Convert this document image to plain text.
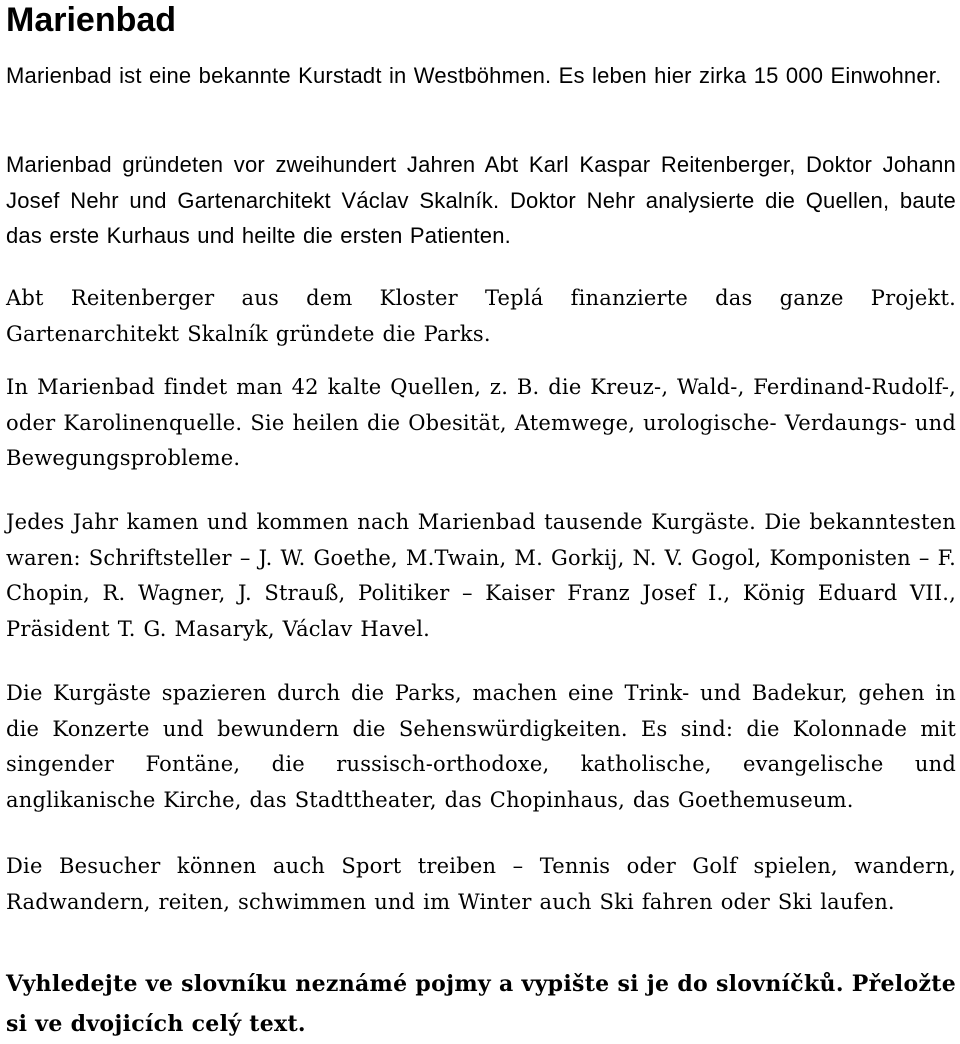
Marienbad

Marienbad ist eine bekannte Kurstadt in Westböhmen. Es leben hier zirka 15 000 Einwohner.

Marienbad gründeten vor zweihundert Jahren Abt Karl Kaspar Reitenberger, Doktor Johann Josef Nehr und Gartenarchitekt Václav Skalník. Doktor Nehr analysierte die Quellen, baute das erste Kurhaus und heilte die ersten Patienten.

Abt Reitenberger aus dem Kloster Teplá finanzierte das ganze Projekt. Gartenarchitekt Skalník gründete die Parks.

In Marienbad findet man 42 kalte Quellen, z. B. die Kreuz-, Wald-, Ferdinand-Rudolf-, oder Karolinenquelle. Sie heilen die Obesität, Atemwege, urologische- Verdaungs- und Bewegungsprobleme.

Jedes Jahr kamen und kommen nach Marienbad tausende Kurgäste. Die bekanntesten waren: Schriftsteller – J. W. Goethe, M.Twain, M. Gorkij, N. V. Gogol, Komponisten – F. Chopin, R. Wagner, J. Strauß, Politiker – Kaiser Franz Josef I., König Eduard VII., Präsident T. G. Masaryk, Václav Havel.

Die Kurgäste spazieren durch die Parks, machen eine Trink- und Badekur, gehen in die Konzerte und bewundern die Sehenswürdigkeiten. Es sind: die Kolonnade mit singender Fontäne, die russisch-orthodoxe, katholische, evangelische und anglikanische Kirche, das Stadttheater, das Chopinhaus, das Goethemuseum.

Die Besucher können auch Sport treiben – Tennis oder Golf spielen, wandern, Radwandern, reiten, schwimmen und im Winter auch Ski fahren oder Ski laufen.

Vyhledejte ve slovníku neznámé pojmy a vypište si je do slovníčků. Přeložte si ve dvojicích celý text.
